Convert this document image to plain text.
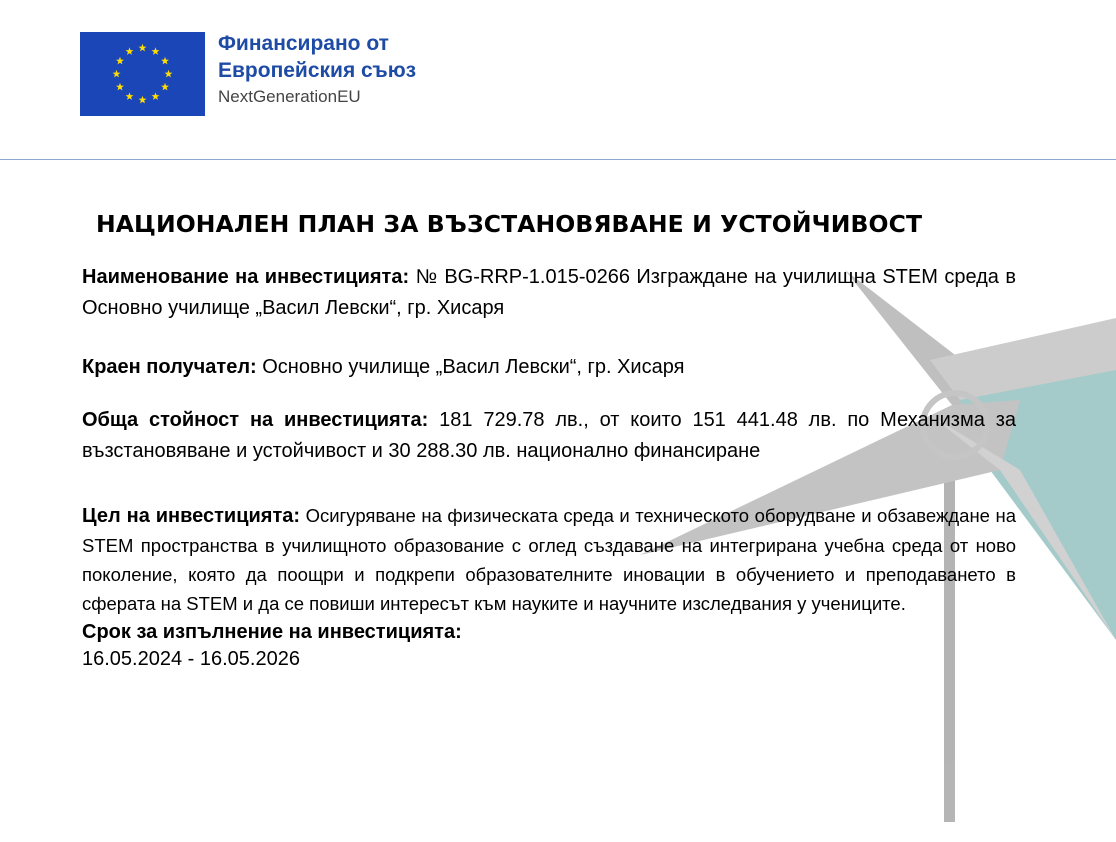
Финансирано от
Европейския съюз
NextGenerationEU
НАЦИОНАЛЕН ПЛАН ЗА ВЪЗСТАНОВЯВАНЕ И УСТОЙЧИВОСТ

Наименование на инвестицията: № BG-RRP-1.015-0266 Изграждане на училищна STEM среда в Основно училище „Васил Левски“, гр. Хисаря

Краен получател: Основно училище „Васил Левски“, гр. Хисаря

Обща стойност на инвестицията: 181 729.78 лв., от които 151 441.48 лв. по Механизма за възстановяване и устойчивост и 30 288.30 лв. национално финансиране

Цел на инвестицията: Осигуряване на физическата среда и техническото оборудване и обзавеждане на STEM пространства в училищното образование с оглед създаване на интегрирана учебна среда от ново поколение, която да поощри и подкрепи образователните иновации в обучението и преподаването в сферата на STEM и да се повиши интересът към науките и научните изследвания у учениците.

Срок за изпълнение на инвестицията:

16.05.2024 - 16.05.2026
